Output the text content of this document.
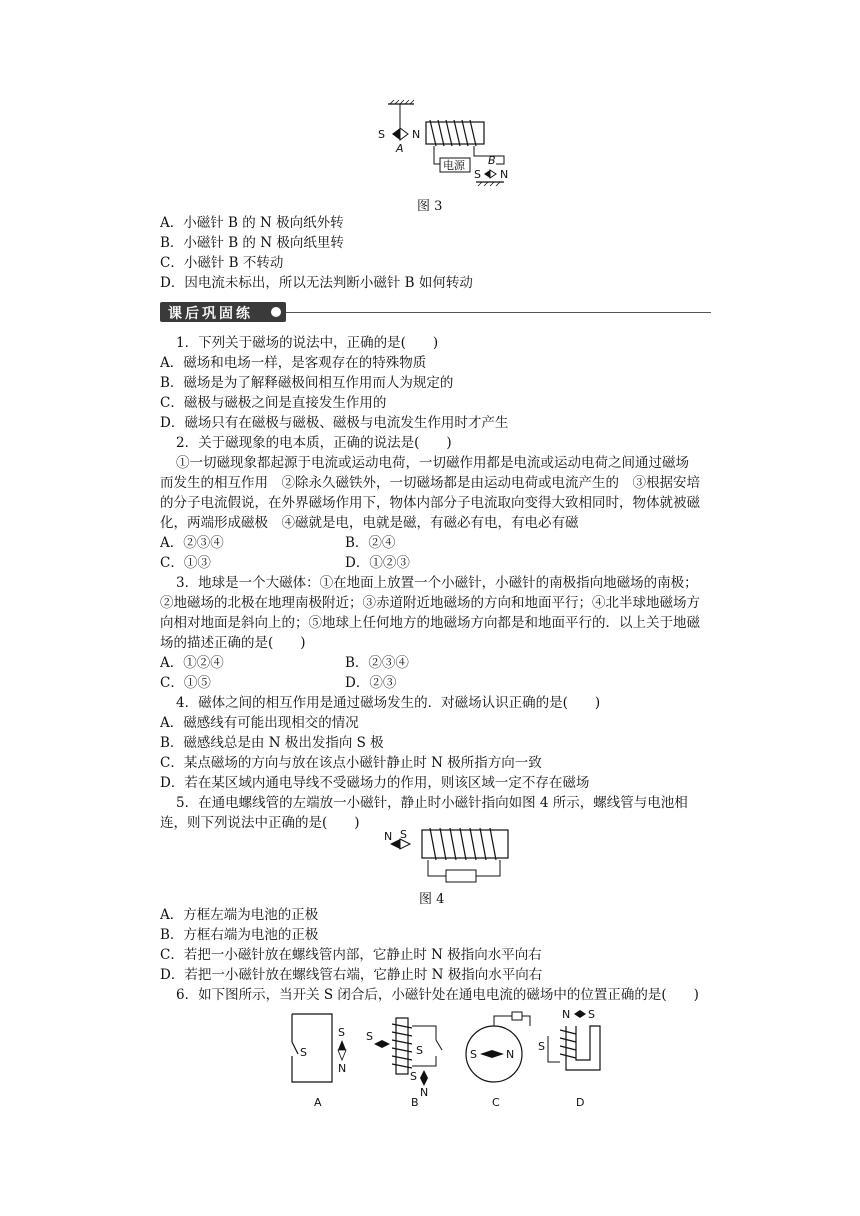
S N
A
电源 B
S N
图 3
A．小磁针 B 的 N 极向纸外转
B．小磁针 B 的 N 极向纸里转
C．小磁针 B 不转动
D．因电流未标出，所以无法判断小磁针 B 如何转动
课后巩固练
1．下列关于磁场的说法中，正确的是(　　)
A．磁场和电场一样，是客观存在的特殊物质
B．磁场是为了解释磁极间相互作用而人为规定的
C．磁极与磁极之间是直接发生作用的
D．磁场只有在磁极与磁极、磁极与电流发生作用时才产生
2．关于磁现象的电本质，正确的说法是(　　)
①一切磁现象都起源于电流或运动电荷，一切磁作用都是电流或运动电荷之间通过磁场
而发生的相互作用　②除永久磁铁外，一切磁场都是由运动电荷或电流产生的　③根据安培
的分子电流假说，在外界磁场作用下，物体内部分子电流取向变得大致相同时，物体就被磁
化，两端形成磁极　④磁就是电，电就是磁，有磁必有电，有电必有磁
A．②③④	B．②④
C．①③	D．①②③
3．地球是一个大磁体：①在地面上放置一个小磁针，小磁针的南极指向地磁场的南极；
②地磁场的北极在地理南极附近；③赤道附近地磁场的方向和地面平行；④北半球地磁场方
向相对地面是斜向上的；⑤地球上任何地方的地磁场方向都是和地面平行的．以上关于地磁
场的描述正确的是(　　)
A．①②④	B．②③④
C．①⑤	D．②③
4．磁体之间的相互作用是通过磁场发生的．对磁场认识正确的是(　　)
A．磁感线有可能出现相交的情况
B．磁感线总是由 N 极出发指向 S 极
C．某点磁场的方向与放在该点小磁针静止时 N 极所指方向一致
D．若在某区域内通电导线不受磁场力的作用，则该区域一定不存在磁场
5．在通电螺线管的左端放一小磁针，静止时小磁针指向如图 4 所示，螺线管与电池相
连，则下列说法中正确的是(　　)
N S
图 4
A．方框左端为电池的正极
B．方框右端为电池的正极
C．若把一小磁针放在螺线管内部，它静止时 N 极指向水平向右
D．若把一小磁针放在螺线管右端，它静止时 N 极指向水平向右
6．如下图所示，当开关 S 闭合后，小磁针处在通电电流的磁场中的位置正确的是(　　)
S
S
N
A
S
S
S
N
B
S	N
C
N S
S
D
